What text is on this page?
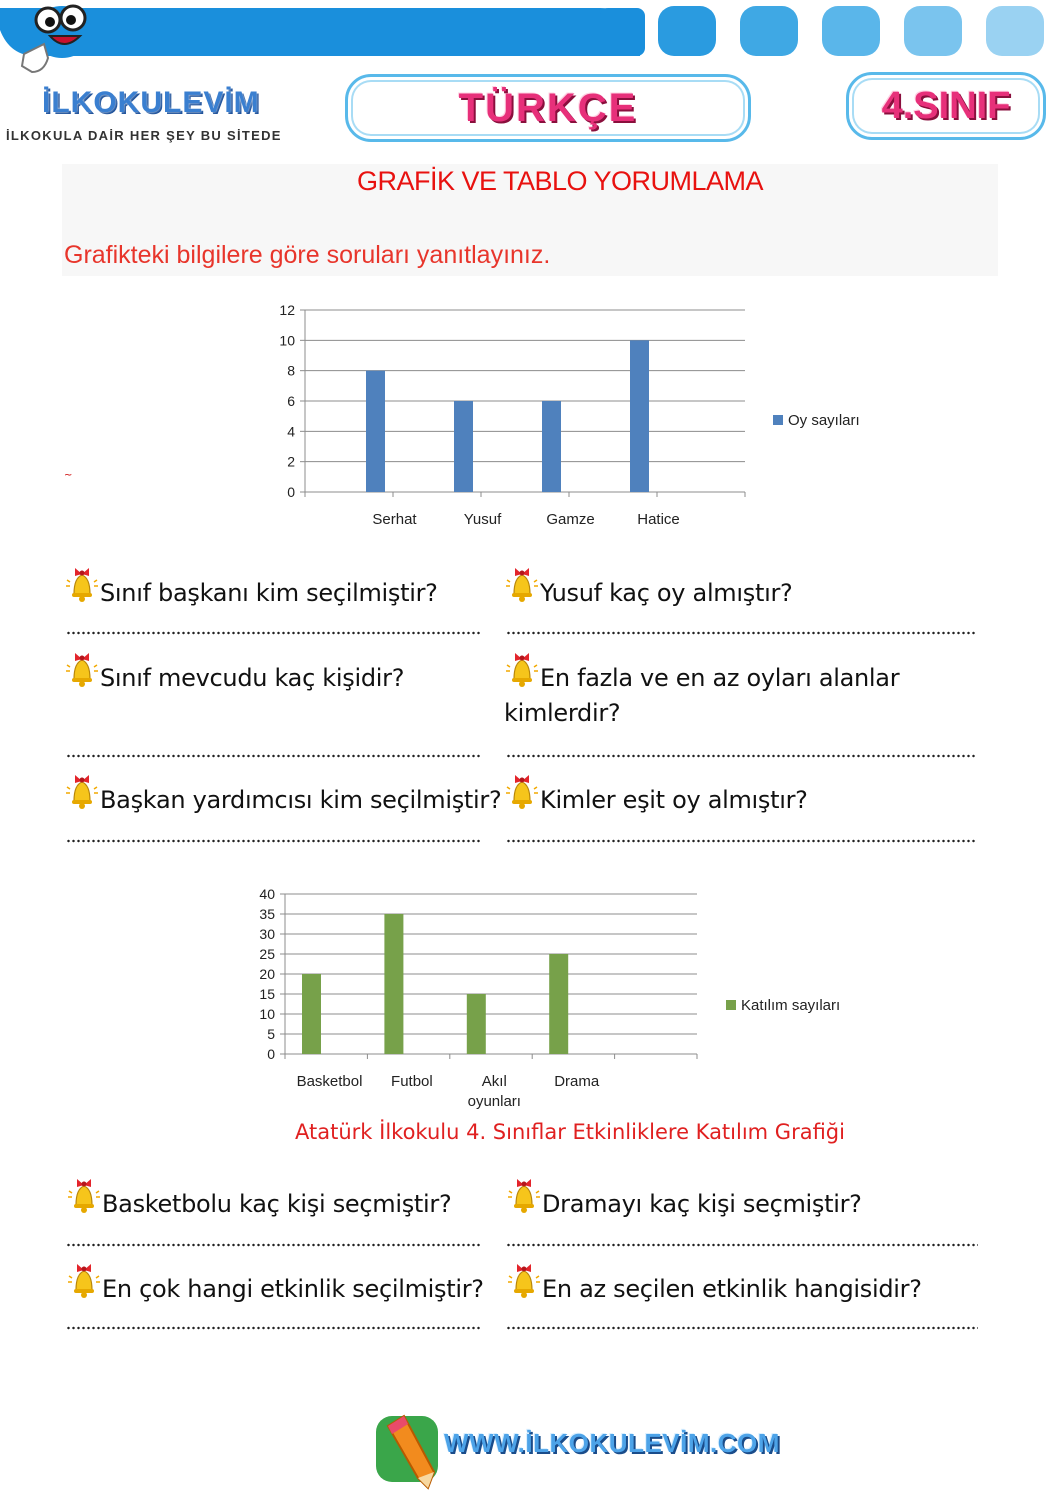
İLKOKULEVİM
İLKOKULA DAİR HER ŞEY BU SİTEDE
TÜRKÇE	4.SINIF
GRAFİK VE TABLO YORUMLAMA
Grafikteki bilgilere göre soruları yanıtlayınız.
~
0
2
4
6
8
10
12
Serhat	Yusuf	Gamze	Hatice
Oy sayıları
Sınıf başkanı kim seçilmiştir?	Yusuf kaç oy almıştır?
Sınıf mevcudu kaç kişidir?	En fazla ve en az oyları alanlar
kimlerdir?
Başkan yardımcısı kim seçilmiştir? Kimler eşit oy almıştır?
0
5
10
15
20
25
30
35
40
Basketbol Futbol	Akıl oyunları
Drama
Katılım sayıları
Atatürk İlkokulu 4. Sınıflar Etkinliklere Katılım Grafiği
Basketbolu kaç kişi seçmiştir?	Dramayı kaç kişi seçmiştir?
En çok hangi etkinlik seçilmiştir? En az seçilen etkinlik hangisidir?
WWW.İLKOKULEVİM.COM
